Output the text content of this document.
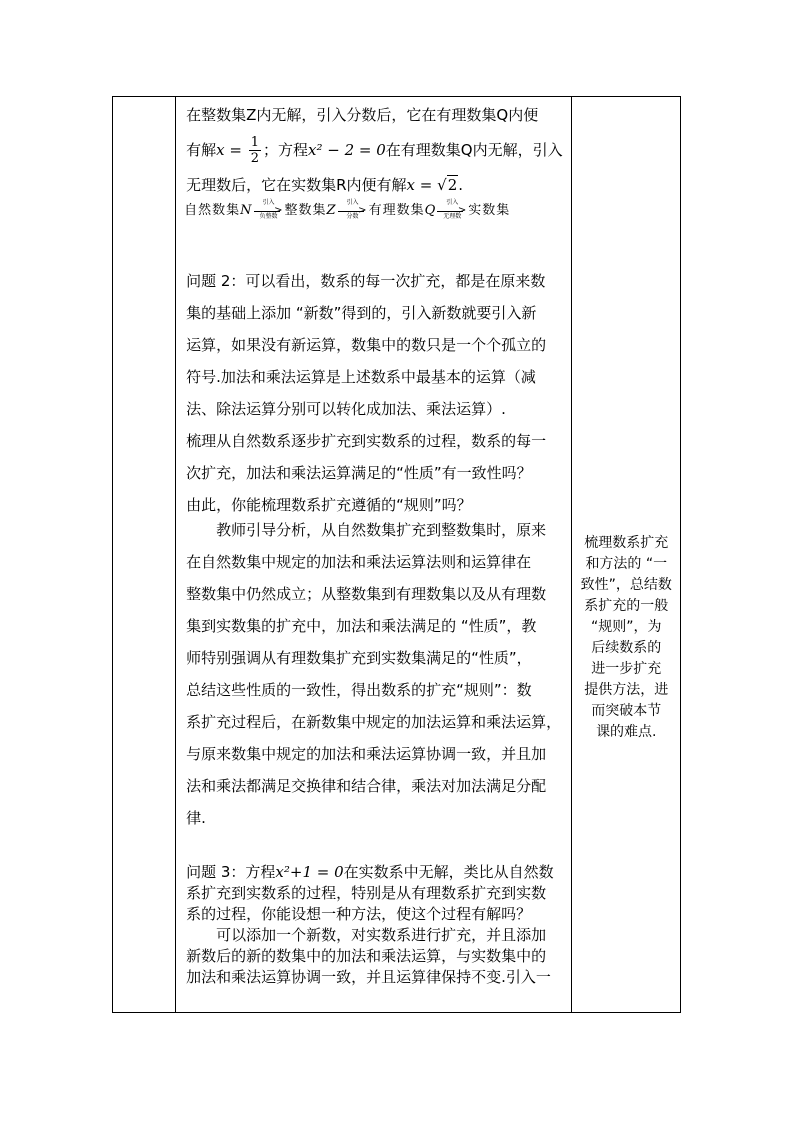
在整数集Z内无解，引入分数后，它在有理数集Q内便
有解$x = \frac{1}{2}$ ；方程x² − 2 = 0在有理数集Q内无解，引入
无理数后，它在实数集R内便有解x = √2.
自然数集N
引入
>
负整数 整数集Z
引入
>
分数 有理数集Q
引入
>
无理数 实数集
问题 2：可以看出，数系的每一次扩充，都是在原来数
集的基础上添加 “新数”得到的，引入新数就要引入新
运算，如果没有新运算，数集中的数只是一个个孤立的
符号.加法和乘法运算是上述数系中最基本的运算（减
法、除法运算分别可以转化成加法、乘法运算）.
梳理从自然数系逐步扩充到实数系的过程，数系的每一
次扩充，加法和乘法运算满足的“性质”有一致性吗？
由此，你能梳理数系扩充遵循的“规则”吗？
教师引导分析，从自然数集扩充到整数集时，原来
在自然数集中规定的加法和乘法运算法则和运算律在
整数集中仍然成立；从整数集到有理数集以及从有理数
集到实数集的扩充中，加法和乘法满足的 “性质”，教
师特别强调从有理数集扩充到实数集满足的“性质”，
总结这些性质的一致性，得出数系的扩充“规则”：数
系扩充过程后，在新数集中规定的加法运算和乘法运算，
与原来数集中规定的加法和乘法运算协调一致，并且加
法和乘法都满足交换律和结合律，乘法对加法满足分配
律.
问题 3：方程x²+1 = 0在实数系中无解，类比从自然数
系扩充到实数系的过程，特别是从有理数系扩充到实数
系的过程，你能设想一种方法，使这个过程有解吗？
可以添加一个新数，对实数系进行扩充，并且添加
新数后的新的数集中的加法和乘法运算，与实数集中的
加法和乘法运算协调一致，并且运算律保持不变.引入一

梳理数系扩充
和方法的 “一
致性”，总结数
系扩充的一般
“规则”，为
后续数系的
进一步扩充
提供方法，进
而突破本节
课的难点.
